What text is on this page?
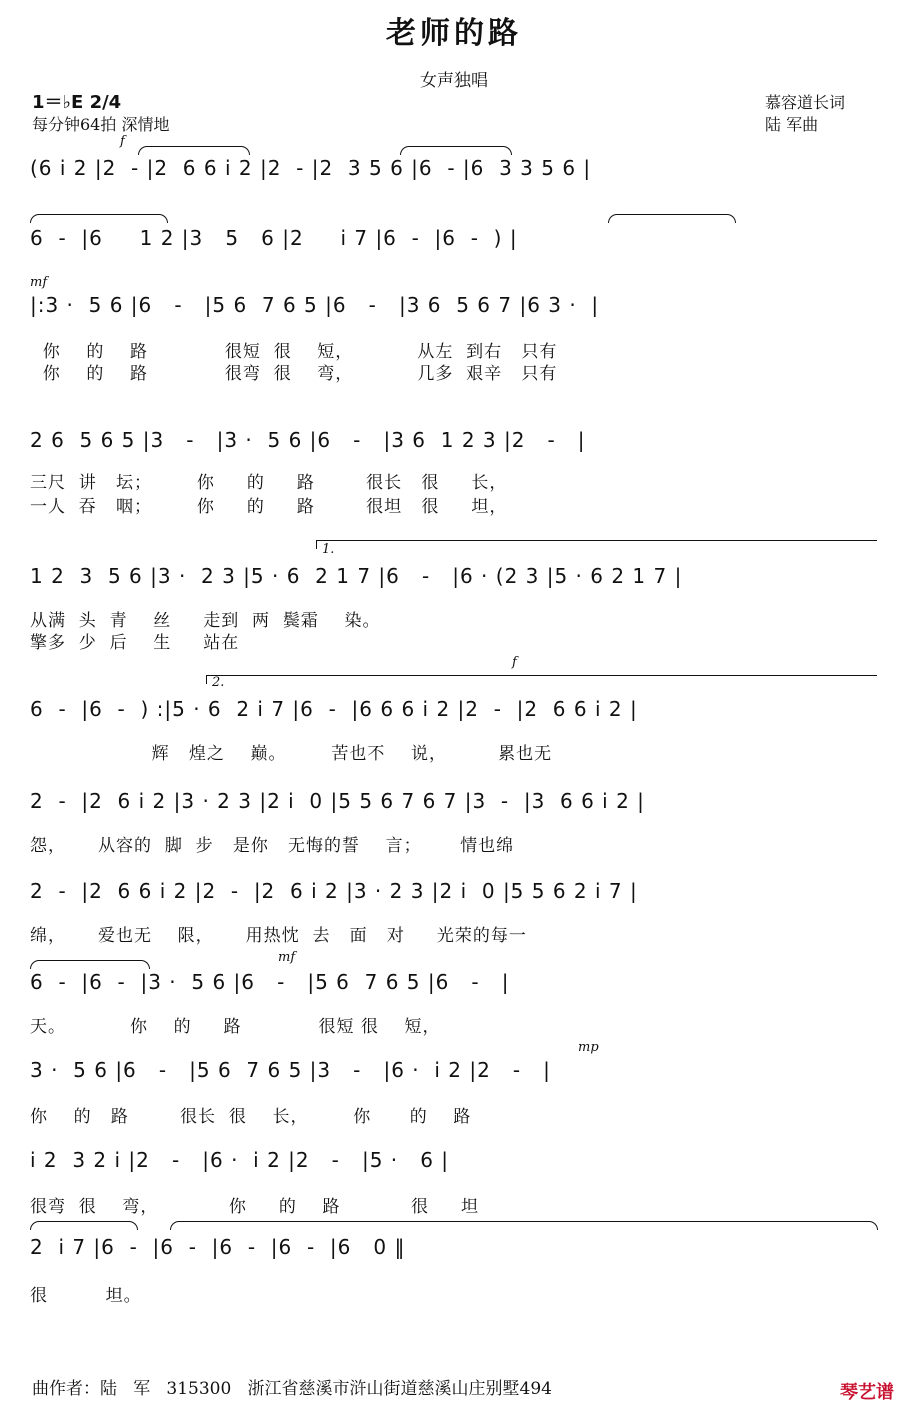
老师的路
女声独唱
1＝♭E 2/4
每分钟64拍 深情地
慕容道长词
陆 军曲
f
(6 i 2 |2  - |2  6 6 i 2 |2  - |2  3 5 6 |6  - |6  3 3 5 6 |
6  -  |6     1 2 |3   5   6 |2     i 7 |6  -  |6  -  ) |
mf
|:3 ·  5 6 |6   -   |5 6  7 6 5 |6   -   |3 6  5 6 7 |6 3 ·  |
你    的    路            很短  很    短，          从左  到右   只有
你    的    路            很弯  很    弯，          几多  艰辛   只有
2 6  5 6 5 |3   -   |3 ·  5 6 |6   -   |3 6  1 2 3 |2   -   |
三尺  讲   坛；       你     的     路        很长   很     长，
一人  吞   咽；       你     的     路        很坦   很     坦，
1.
1 2  3  5 6 |3 ·  2 3 |5 · 6  2 1 7 |6   -   |6 · (2 3 |5 · 6 2 1 7 |
从满  头  青    丝     走到  两  鬓霜    染。
擎多  少  后    生     站在
f
2.
6  -  |6  -  ) :|5 · 6  2 i 7 |6  -  |6 6 6 i 2 |2  -  |2  6 6 i 2 |
辉   煌之    巅。       苦也不    说，        累也无
2  -  |2  6 i 2 |3 · 2 3 |2 i  0 |5 5 6 7 6 7 |3  -  |3  6 6 i 2 |
怨，     从容的  脚  步   是你   无悔的誓    言；      情也绵
2  -  |2  6 6 i 2 |2  -  |2  6 i 2 |3 · 2 3 |2 i  0 |5 5 6 2 i 7 |
绵，     爱也无    限，     用热忱  去   面   对     光荣的每一
mf
6  -  |6  -  |3 ·  5 6 |6   -   |5 6  7 6 5 |6   -   |
天。          你    的     路            很短 很    短，
mp
3 ·  5 6 |6   -   |5 6  7 6 5 |3   -   |6 ·  i 2 |2   -   |
你    的   路        很长  很    长，       你      的    路
i 2  3 2 i |2   -   |6 ·  i 2 |2   -   |5 ·   6 |
很弯  很    弯，           你     的    路           很     坦
2  i 7 |6  -  |6  -  |6  -  |6  -  |6   0 ‖
很         坦。
曲作者：陆   军   315300   浙江省慈溪市浒山街道慈溪山庄别墅494	琴艺谱
